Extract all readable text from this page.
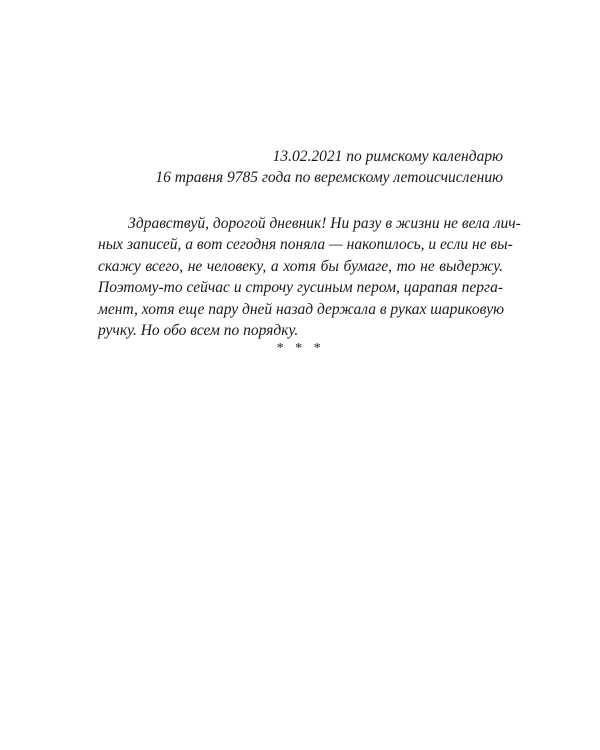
13.02.2021 по римскому календарю
16 травня 9785 года по веремскому летоисчислению
Здравствуй, дорогой дневник! Ни разу в жизни не вела лич-
ных записей, а вот сегодня поняла — накопилось, и если не вы-
скажу всего, не человеку, а хотя бы бумаге, то не выдержу.
Поэтому-то сейчас и строчу гусиным пером, царапая перга-
мент, хотя еще пару дней назад держала в руках шариковую
ручку. Но обо всем по порядку.
* * *
